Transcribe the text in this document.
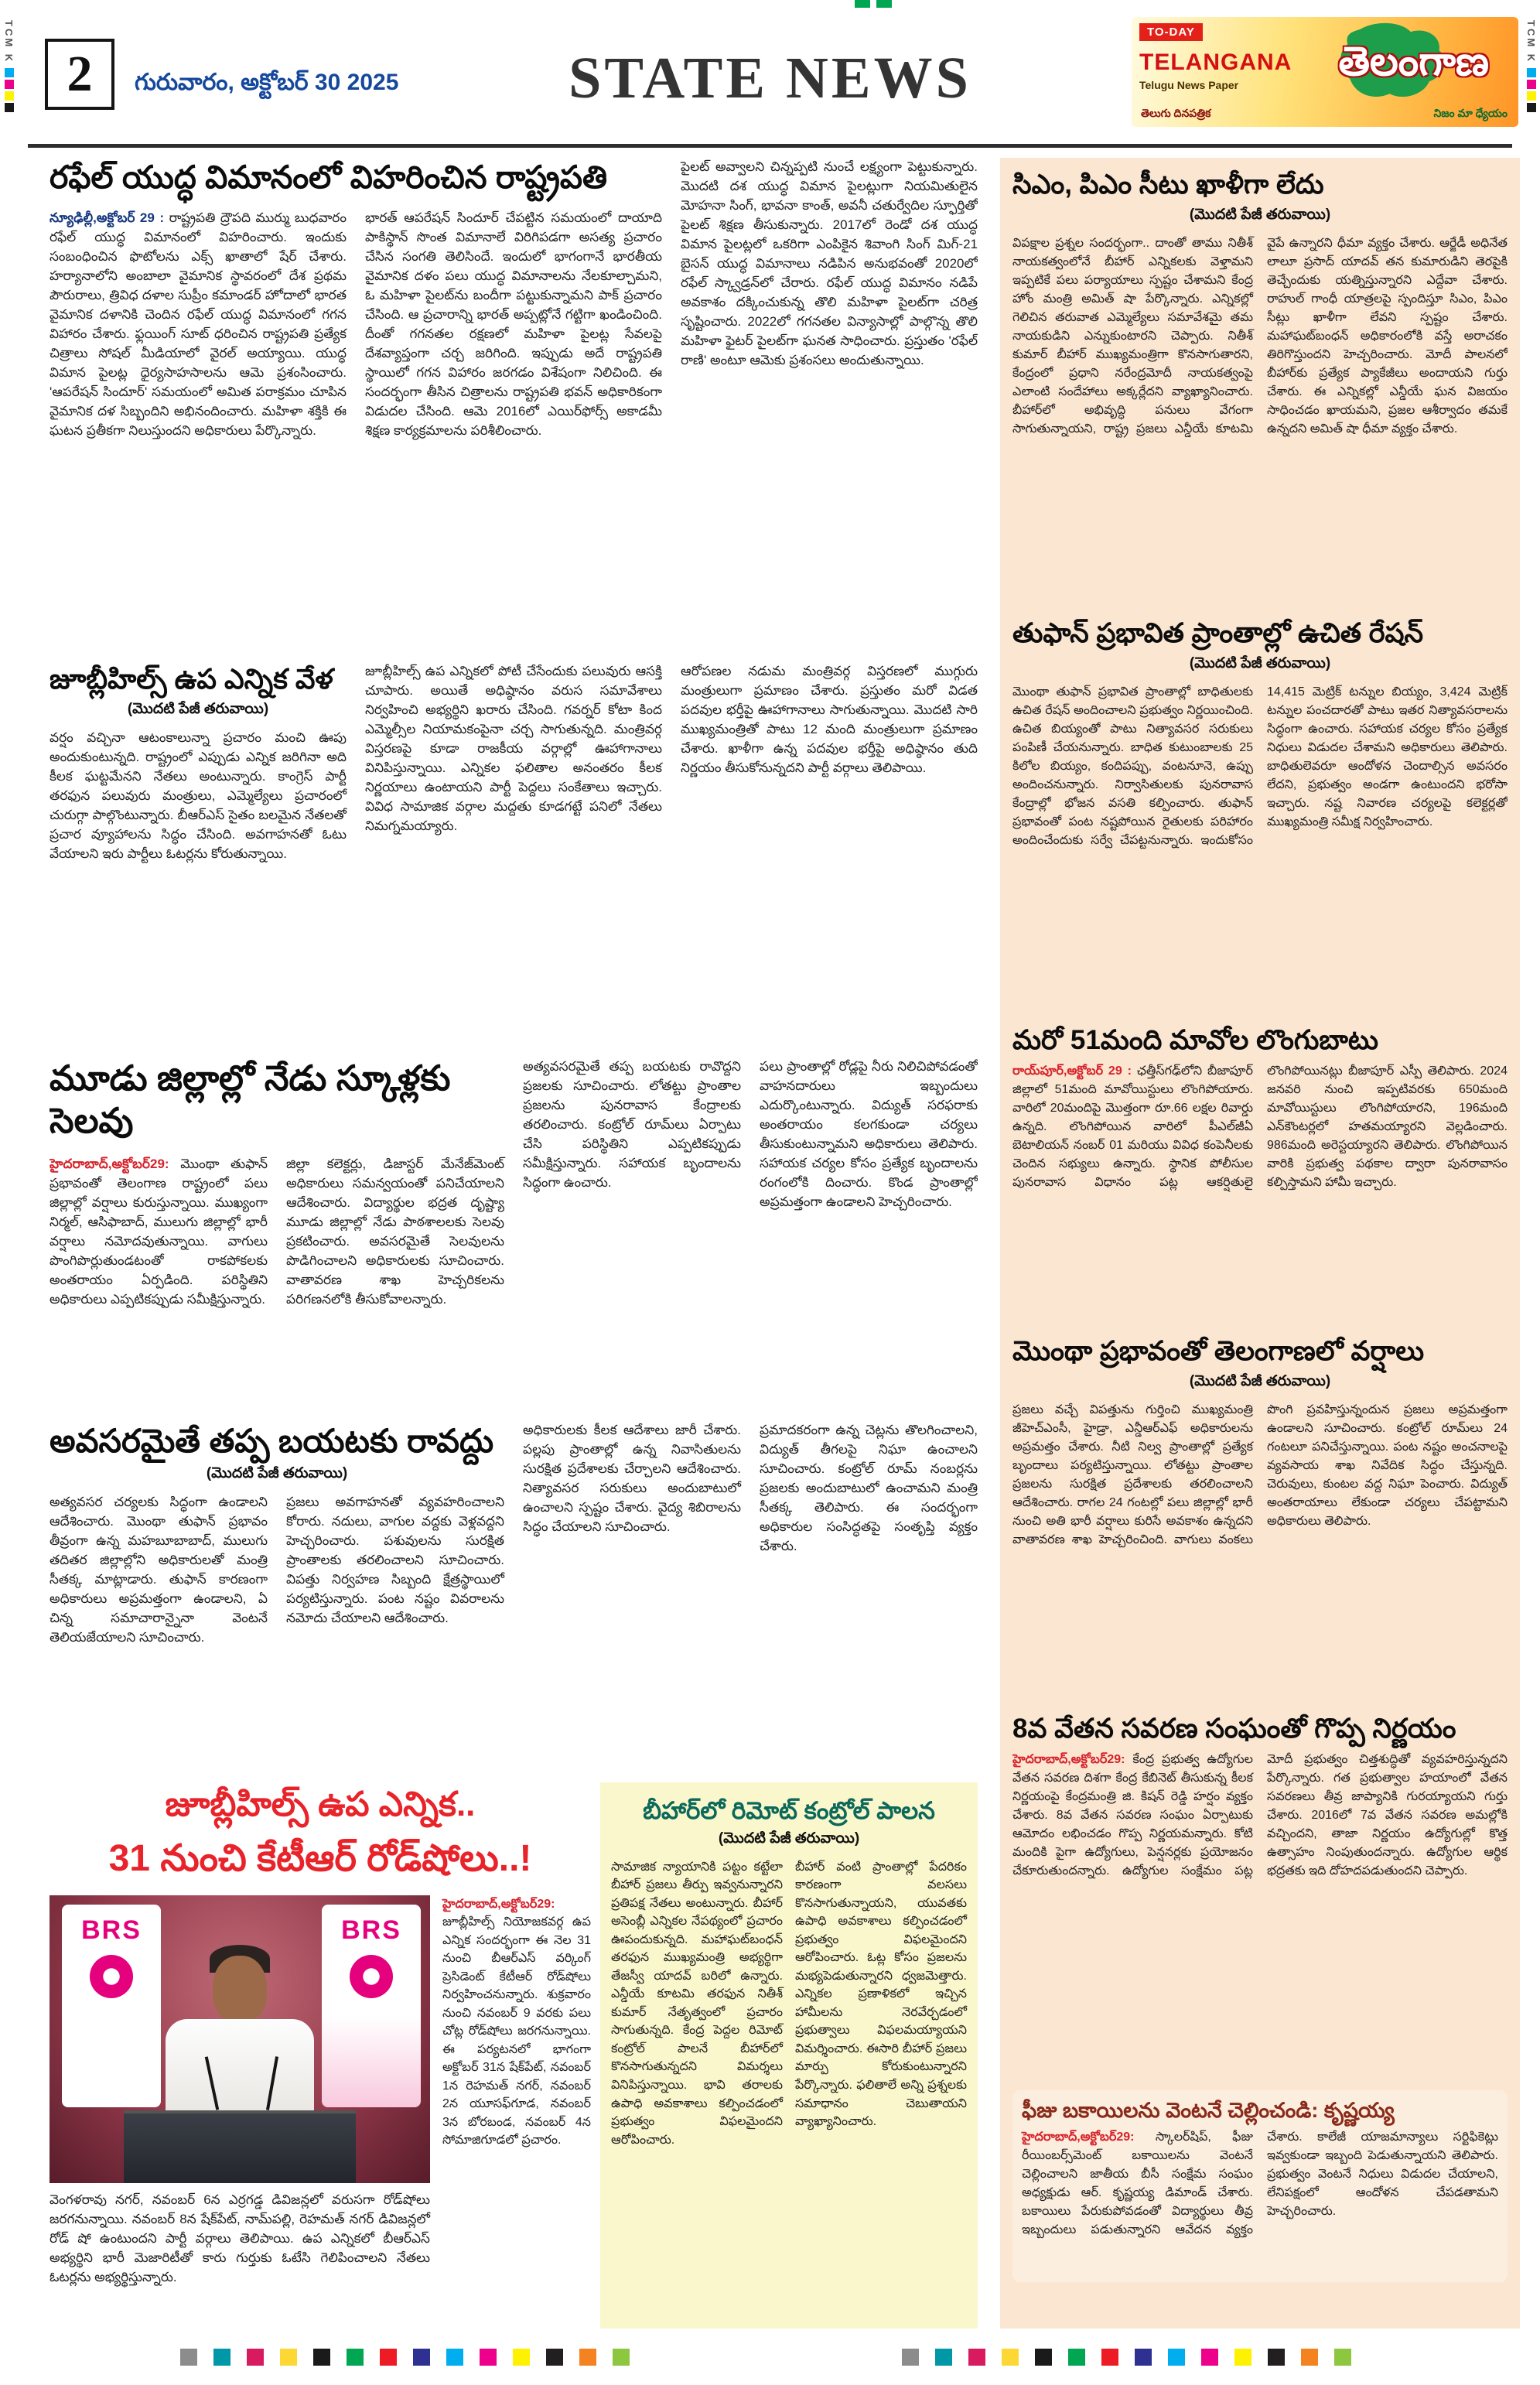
TCM K	TCM K
2	గురువారం, అక్టోబర్ 30 2025	STATE NEWS
TO-DAY
TELANGANA
Telugu News Paper
తెలంగాణ
తెలుగు దినపత్రిక	నిజం మా ధ్యేయం
రఫేల్ యుద్ధ విమానంలో విహరించిన రాష్ట్రపతి
న్యూఢిల్లీ,అక్టోబర్ 29 : రాష్ట్రపతి ద్రౌపది ముర్ము బుధవారం రఫేల్ యుద్ధ విమానంలో విహరించారు. ఇందుకు సంబంధించిన ఫొటోలను ఎక్స్ ఖాతాలో షేర్ చేశారు. హర్యానాలోని అంబాలా వైమానిక స్థావరంలో దేశ ప్రథమ పౌరురాలు, త్రివిధ దళాల సుప్రీం కమాండర్ హోదాలో భారత వైమానిక దళానికి చెందిన రఫేల్ యుద్ధ విమానంలో గగన విహారం చేశారు. ఫ్లయింగ్ సూట్ ధరించిన రాష్ట్రపతి ప్రత్యేక చిత్రాలు సోషల్ మీడియాలో వైరల్ అయ్యాయి. యుద్ధ విమాన పైలట్ల ధైర్యసాహసాలను ఆమె ప్రశంసించారు. 'ఆపరేషన్ సిందూర్' సమయంలో అమిత పరాక్రమం చూపిన వైమానిక దళ సిబ్బందిని అభినందించారు. మహిళా శక్తికి ఈ ఘటన ప్రతీకగా నిలుస్తుందని అధికారులు పేర్కొన్నారు.
భారత్ ఆపరేషన్ సిందూర్ చేపట్టిన సమయంలో దాయాది పాకిస్థాన్ సొంత విమానాలే విరిగిపడగా అసత్య ప్రచారం చేసిన సంగతి తెలిసిందే. ఇందులో భాగంగానే భారతీయ వైమానిక దళం పలు యుద్ధ విమానాలను నేలకూల్చామని, ఓ మహిళా పైలట్‌ను బందీగా పట్టుకున్నామని పాక్ ప్రచారం చేసింది. ఆ ప్రచారాన్ని భారత్ అప్పట్లోనే గట్టిగా ఖండించింది. దీంతో గగనతల రక్షణలో మహిళా పైలట్ల సేవలపై దేశవ్యాప్తంగా చర్చ జరిగింది. ఇప్పుడు అదే రాష్ట్రపతి స్థాయిలో గగన విహారం జరగడం విశేషంగా నిలిచింది. ఈ సందర్భంగా తీసిన చిత్రాలను రాష్ట్రపతి భవన్ అధికారికంగా విడుదల చేసింది. ఆమె 2016లో ఎయిర్‌ఫోర్స్ అకాడమీ శిక్షణ కార్యక్రమాలను పరిశీలించారు.
పైలట్ అవ్వాలని చిన్నప్పటి నుంచే లక్ష్యంగా పెట్టుకున్నారు. మొదటి దశ యుద్ధ విమాన పైలట్లుగా నియమితులైన మోహనా సింగ్, భావనా కాంత్, అవనీ చతుర్వేదిల స్ఫూర్తితో పైలట్ శిక్షణ తీసుకున్నారు. 2017లో రెండో దశ యుద్ధ విమాన పైలట్లలో ఒకరిగా ఎంపికైన శివాంగి సింగ్ మిగ్-21 బైసన్ యుద్ధ విమానాలు నడిపిన అనుభవంతో 2020లో రఫేల్ స్క్వాడ్రన్‌లో చేరారు. రఫేల్ యుద్ధ విమానం నడిపే అవకాశం దక్కించుకున్న తొలి మహిళా పైలట్‌గా చరిత్ర సృష్టించారు. 2022లో గగనతల విన్యాసాల్లో పాల్గొన్న తొలి మహిళా ఫైటర్ పైలట్‌గా ఘనత సాధించారు. ప్రస్తుతం 'రఫేల్ రాణి' అంటూ ఆమెకు ప్రశంసలు అందుతున్నాయి.
జూబ్లీహిల్స్ ఉప ఎన్నిక వేళ
(మొదటి పేజీ తరువాయి)
వర్షం వచ్చినా ఆటంకాలున్నా ప్రచారం మంచి ఊపు అందుకుంటున్నది. రాష్ట్రంలో ఎప్పుడు ఎన్నిక జరిగినా అది కీలక ఘట్టమేనని నేతలు అంటున్నారు. కాంగ్రెస్ పార్టీ తరఫున పలువురు మంత్రులు, ఎమ్మెల్యేలు ప్రచారంలో చురుగ్గా పాల్గొంటున్నారు. బీఆర్ఎస్ సైతం బలమైన నేతలతో ప్రచార వ్యూహాలను సిద్ధం చేసింది. అవగాహనతో ఓటు వేయాలని ఇరు పార్టీలు ఓటర్లను కోరుతున్నాయి.
జూబ్లీహిల్స్ ఉప ఎన్నికలో పోటీ చేసేందుకు పలువురు ఆసక్తి చూపారు. అయితే అధిష్ఠానం వరుస సమావేశాలు నిర్వహించి అభ్యర్థిని ఖరారు చేసింది. గవర్నర్ కోటా కింద ఎమ్మెల్సీల నియామకంపైనా చర్చ సాగుతున్నది. మంత్రివర్గ విస్తరణపై కూడా రాజకీయ వర్గాల్లో ఊహాగానాలు వినిపిస్తున్నాయి. ఎన్నికల ఫలితాల అనంతరం కీలక నిర్ణయాలు ఉంటాయని పార్టీ పెద్దలు సంకేతాలు ఇచ్చారు. వివిధ సామాజిక వర్గాల మద్దతు కూడగట్టే పనిలో నేతలు నిమగ్నమయ్యారు.
ఆరోపణల నడుమ మంత్రివర్గ విస్తరణలో ముగ్గురు మంత్రులుగా ప్రమాణం చేశారు. ప్రస్తుతం మరో విడత పదవుల భర్తీపై ఊహాగానాలు సాగుతున్నాయి. మొదటి సారి ముఖ్యమంత్రితో పాటు 12 మంది మంత్రులుగా ప్రమాణం చేశారు. ఖాళీగా ఉన్న పదవుల భర్తీపై అధిష్ఠానం తుది నిర్ణయం తీసుకోనున్నదని పార్టీ వర్గాలు తెలిపాయి.
మూడు జిల్లాల్లో నేడు స్కూళ్లకు సెలవు
హైదరాబాద్,అక్టోబర్29: మొంథా తుఫాన్ ప్రభావంతో తెలంగాణ రాష్ట్రంలో పలు జిల్లాల్లో వర్షాలు కురుస్తున్నాయి. ముఖ్యంగా నిర్మల్, ఆసిఫాబాద్, ములుగు జిల్లాల్లో భారీ వర్షాలు నమోదవుతున్నాయి. వాగులు పొంగిపొర్లుతుండటంతో రాకపోకలకు అంతరాయం ఏర్పడింది. పరిస్థితిని అధికారులు ఎప్పటికప్పుడు సమీక్షిస్తున్నారు.
జిల్లా కలెక్టర్లు, డిజాస్టర్ మేనేజ్‌మెంట్ అధికారులు సమన్వయంతో పనిచేయాలని ఆదేశించారు. విద్యార్థుల భద్రత దృష్ట్యా మూడు జిల్లాల్లో నేడు పాఠశాలలకు సెలవు ప్రకటించారు. అవసరమైతే సెలవులను పొడిగించాలని అధికారులకు సూచించారు. వాతావరణ శాఖ హెచ్చరికలను పరిగణనలోకి తీసుకోవాలన్నారు.
అత్యవసరమైతే తప్ప బయటకు రావొద్దని ప్రజలకు సూచించారు. లోతట్టు ప్రాంతాల ప్రజలను పునరావాస కేంద్రాలకు తరలించారు. కంట్రోల్ రూమ్‌లు ఏర్పాటు చేసి పరిస్థితిని ఎప్పటికప్పుడు సమీక్షిస్తున్నారు. సహాయక బృందాలను సిద్ధంగా ఉంచారు.
పలు ప్రాంతాల్లో రోడ్లపై నీరు నిలిచిపోవడంతో వాహనదారులు ఇబ్బందులు ఎదుర్కొంటున్నారు. విద్యుత్ సరఫరాకు అంతరాయం కలగకుండా చర్యలు తీసుకుంటున్నామని అధికారులు తెలిపారు. సహాయక చర్యల కోసం ప్రత్యేక బృందాలను రంగంలోకి దించారు. కొండ ప్రాంతాల్లో అప్రమత్తంగా ఉండాలని హెచ్చరించారు.
అవసరమైతే తప్ప బయటకు రావద్దు
(మొదటి పేజీ తరువాయి)
అత్యవసర చర్యలకు సిద్ధంగా ఉండాలని ఆదేశించారు. మొంథా తుఫాన్ ప్రభావం తీవ్రంగా ఉన్న మహబూబాబాద్, ములుగు తదితర జిల్లాల్లోని అధికారులతో మంత్రి సీతక్క మాట్లాడారు. తుఫాన్ కారణంగా అధికారులు అప్రమత్తంగా ఉండాలని, ఏ చిన్న సమాచారాన్నైనా వెంటనే తెలియజేయాలని సూచించారు.
ప్రజలు అవగాహనతో వ్యవహరించాలని కోరారు. నదులు, వాగుల వద్దకు వెళ్లవద్దని హెచ్చరించారు. పశువులను సురక్షిత ప్రాంతాలకు తరలించాలని సూచించారు. విపత్తు నిర్వహణ సిబ్బంది క్షేత్రస్థాయిలో పర్యటిస్తున్నారు. పంట నష్టం వివరాలను నమోదు చేయాలని ఆదేశించారు.
అధికారులకు కీలక ఆదేశాలు జారీ చేశారు. పల్లపు ప్రాంతాల్లో ఉన్న నివాసితులను సురక్షిత ప్రదేశాలకు చేర్చాలని ఆదేశించారు. నిత్యావసర సరుకులు అందుబాటులో ఉంచాలని స్పష్టం చేశారు. వైద్య శిబిరాలను సిద్ధం చేయాలని సూచించారు.
ప్రమాదకరంగా ఉన్న చెట్లను తొలగించాలని, విద్యుత్ తీగలపై నిఘా ఉంచాలని సూచించారు. కంట్రోల్ రూమ్ నంబర్లను ప్రజలకు అందుబాటులో ఉంచామని మంత్రి సీతక్క తెలిపారు. ఈ సందర్భంగా అధికారుల సంసిద్ధతపై సంతృప్తి వ్యక్తం చేశారు.
జూబ్లీహిల్స్ ఉప ఎన్నిక..
31 నుంచి కేటీఆర్ రోడ్‌షోలు..!
BRS	BRS
వెంగళరావు నగర్, నవంబర్ 6న ఎర్రగడ్డ డివిజన్లలో వరుసగా రోడ్‌షోలు జరగనున్నాయి. నవంబర్ 8న షేక్‌పేట్, నామ్‌పల్లి, రెహమత్ నగర్ డివిజన్లలో రోడ్ షో ఉంటుందని పార్టీ వర్గాలు తెలిపాయి. ఉప ఎన్నికలో బీఆర్ఎస్ అభ్యర్థిని భారీ మెజారిటీతో కారు గుర్తుకు ఓటేసి గెలిపించాలని నేతలు ఓటర్లను అభ్యర్థిస్తున్నారు.
హైదరాబాద్,అక్టోబర్29: జూబ్లీహిల్స్ నియోజకవర్గ ఉప ఎన్నిక సందర్భంగా ఈ నెల 31 నుంచి బీఆర్ఎస్ వర్కింగ్ ప్రెసిడెంట్ కేటీఆర్ రోడ్‌షోలు నిర్వహించనున్నారు. శుక్రవారం నుంచి నవంబర్ 9 వరకు పలు చోట్ల రోడ్‌షోలు జరగనున్నాయి. ఈ పర్యటనలో భాగంగా అక్టోబర్ 31న షేక్‌పేట్, నవంబర్ 1న రెహమత్ నగర్, నవంబర్ 2న యూసఫ్‌గూడ, నవంబర్ 3న బోరబండ, నవంబర్ 4న సోమాజిగూడలో ప్రచారం.
బీహార్‌లో రిమోట్ కంట్రోల్ పాలన
(మొదటి పేజీ తరువాయి)
సామాజిక న్యాయానికి పట్టం కట్టేలా బీహార్ ప్రజలు తీర్పు ఇవ్వనున్నారని ప్రతిపక్ష నేతలు అంటున్నారు. బీహార్ అసెంబ్లీ ఎన్నికల నేపథ్యంలో ప్రచారం ఊపందుకున్నది. మహాఘట్‌బంధన్ తరఫున ముఖ్యమంత్రి అభ్యర్థిగా తేజస్వీ యాదవ్ బరిలో ఉన్నారు. ఎన్డీయే కూటమి తరఫున నితీశ్ కుమార్ నేతృత్వంలో ప్రచారం సాగుతున్నది. కేంద్ర పెద్దల రిమోట్ కంట్రోల్ పాలనే బీహార్‌లో కొనసాగుతున్నదని విమర్శలు వినిపిస్తున్నాయి. భావి తరాలకు ఉపాధి అవకాశాలు కల్పించడంలో ప్రభుత్వం విఫలమైందని ఆరోపించారు.
బీహార్ వంటి ప్రాంతాల్లో పేదరికం కారణంగా వలసలు కొనసాగుతున్నాయని, యువతకు ఉపాధి అవకాశాలు కల్పించడంలో ప్రభుత్వం విఫలమైందని ఆరోపించారు. ఓట్ల కోసం ప్రజలను మభ్యపెడుతున్నారని ధ్వజమెత్తారు. ఎన్నికల ప్రణాళికలో ఇచ్చిన హామీలను నెరవేర్చడంలో ప్రభుత్వాలు విఫలమయ్యాయని విమర్శించారు. ఈసారి బీహార్ ప్రజలు మార్పు కోరుకుంటున్నారని పేర్కొన్నారు. ఫలితాలే అన్ని ప్రశ్నలకు సమాధానం చెబుతాయని వ్యాఖ్యానించారు.
సిఎం, పిఎం సీటు ఖాళీగా లేదు
(మొదటి పేజీ తరువాయి)
విపక్షాల ప్రశ్నల సందర్భంగా.. దాంతో తాము నితీశ్ నాయకత్వంలోనే బీహార్ ఎన్నికలకు వెళ్తామని ఇప్పటికే పలు పర్యాయాలు స్పష్టం చేశామని కేంద్ర హోం మంత్రి అమిత్ షా పేర్కొన్నారు. ఎన్నికల్లో గెలిచిన తరువాత ఎమ్మెల్యేలు సమావేశమై తమ నాయకుడిని ఎన్నుకుంటారని చెప్పారు. నితీశ్ కుమార్ బీహార్ ముఖ్యమంత్రిగా కొనసాగుతారని, కేంద్రంలో ప్రధాని నరేంద్రమోదీ నాయకత్వంపై ఎలాంటి సందేహాలు అక్కర్లేదని వ్యాఖ్యానించారు. బీహార్‌లో అభివృద్ధి పనులు వేగంగా సాగుతున్నాయని, రాష్ట్ర ప్రజలు ఎన్డీయే కూటమి వైపే ఉన్నారని ధీమా వ్యక్తం చేశారు. ఆర్జేడీ అధినేత లాలూ ప్రసాద్ యాదవ్ తన కుమారుడిని తెరపైకి తెచ్చేందుకు యత్నిస్తున్నారని ఎద్దేవా చేశారు. రాహుల్ గాంధీ యాత్రలపై స్పందిస్తూ సిఎం, పిఎం సీట్లు ఖాళీగా లేవని స్పష్టం చేశారు. మహాఘట్‌బంధన్ అధికారంలోకి వస్తే అరాచకం తిరిగొస్తుందని హెచ్చరించారు. మోదీ పాలనలో బీహార్‌కు ప్రత్యేక ప్యాకేజీలు అందాయని గుర్తు చేశారు. ఈ ఎన్నికల్లో ఎన్డీయే ఘన విజయం సాధించడం ఖాయమని, ప్రజల ఆశీర్వాదం తమకే ఉన్నదని అమిత్ షా ధీమా వ్యక్తం చేశారు.
తుఫాన్ ప్రభావిత ప్రాంతాల్లో ఉచిత రేషన్
(మొదటి పేజీ తరువాయి)
మొంథా తుఫాన్ ప్రభావిత ప్రాంతాల్లో బాధితులకు ఉచిత రేషన్ అందించాలని ప్రభుత్వం నిర్ణయించింది. ఉచిత బియ్యంతో పాటు నిత్యావసర సరుకులు పంపిణీ చేయనున్నారు. బాధిత కుటుంబాలకు 25 కిలోల బియ్యం, కందిపప్పు, వంటనూనె, ఉప్పు అందించనున్నారు. నిర్వాసితులకు పునరావాస కేంద్రాల్లో భోజన వసతి కల్పించారు. తుఫాన్ ప్రభావంతో పంట నష్టపోయిన రైతులకు పరిహారం అందించేందుకు సర్వే చేపట్టనున్నారు. ఇందుకోసం 14,415 మెట్రిక్ టన్నుల బియ్యం, 3,424 మెట్రిక్ టన్నుల పంచదారతో పాటు ఇతర నిత్యావసరాలను సిద్ధంగా ఉంచారు. సహాయక చర్యల కోసం ప్రత్యేక నిధులు విడుదల చేశామని అధికారులు తెలిపారు. బాధితులెవరూ ఆందోళన చెందాల్సిన అవసరం లేదని, ప్రభుత్వం అండగా ఉంటుందని భరోసా ఇచ్చారు. నష్ట నివారణ చర్యలపై కలెక్టర్లతో ముఖ్యమంత్రి సమీక్ష నిర్వహించారు.
మరో 51మంది మావోల లొంగుబాటు
రాయ్‌పూర్,అక్టోబర్ 29 : ఛత్తీస్‌గఢ్‌లోని బీజాపూర్ జిల్లాలో 51మంది మావోయిస్టులు లొంగిపోయారు. వారిలో 20మందిపై మొత్తంగా రూ.66 లక్షల రివార్డు ఉన్నది. లొంగిపోయిన వారిలో పీఎల్‌జీఏ బెటాలియన్ నంబర్ 01 మరియు వివిధ కంపెనీలకు చెందిన సభ్యులు ఉన్నారు. స్థానిక పోలీసుల పునరావాస విధానం పట్ల ఆకర్షితులై లొంగిపోయినట్లు బీజాపూర్ ఎస్పీ తెలిపారు. 2024 జనవరి నుంచి ఇప్పటివరకు 650మంది మావోయిస్టులు లొంగిపోయారని, 196మంది ఎన్‌కౌంటర్లలో హతమయ్యారని వెల్లడించారు. 986మంది అరెస్టయ్యారని తెలిపారు. లొంగిపోయిన వారికి ప్రభుత్వ పథకాల ద్వారా పునరావాసం కల్పిస్తామని హామీ ఇచ్చారు.
మొంథా ప్రభావంతో తెలంగాణలో వర్షాలు
(మొదటి పేజీ తరువాయి)
ప్రజలు వచ్చే విపత్తును గుర్తించి ముఖ్యమంత్రి జీహెచ్ఎంసీ, హైడ్రా, ఎన్డీఆర్ఎఫ్ అధికారులను అప్రమత్తం చేశారు. నీటి నిల్వ ప్రాంతాల్లో ప్రత్యేక బృందాలు పర్యటిస్తున్నాయి. లోతట్టు ప్రాంతాల ప్రజలను సురక్షిత ప్రదేశాలకు తరలించాలని ఆదేశించారు. రాగల 24 గంటల్లో పలు జిల్లాల్లో భారీ నుంచి అతి భారీ వర్షాలు కురిసే అవకాశం ఉన్నదని వాతావరణ శాఖ హెచ్చరించింది. వాగులు వంకలు పొంగి ప్రవహిస్తున్నందున ప్రజలు అప్రమత్తంగా ఉండాలని సూచించారు. కంట్రోల్ రూమ్‌లు 24 గంటలూ పనిచేస్తున్నాయి. పంట నష్టం అంచనాలపై వ్యవసాయ శాఖ నివేదిక సిద్ధం చేస్తున్నది. చెరువులు, కుంటల వద్ద నిఘా పెంచారు. విద్యుత్ అంతరాయాలు లేకుండా చర్యలు చేపట్టామని అధికారులు తెలిపారు.
8వ వేతన సవరణ సంఘంతో గొప్ప నిర్ణయం
హైదరాబాద్,అక్టోబర్29: కేంద్ర ప్రభుత్వ ఉద్యోగుల వేతన సవరణ దిశగా కేంద్ర కేబినెట్ తీసుకున్న కీలక నిర్ణయంపై కేంద్రమంత్రి జి. కిషన్ రెడ్డి హర్షం వ్యక్తం చేశారు. 8వ వేతన సవరణ సంఘం ఏర్పాటుకు ఆమోదం లభించడం గొప్ప నిర్ణయమన్నారు. కోటి మందికి పైగా ఉద్యోగులు, పెన్షనర్లకు ప్రయోజనం చేకూరుతుందన్నారు. ఉద్యోగుల సంక్షేమం పట్ల మోదీ ప్రభుత్వం చిత్తశుద్ధితో వ్యవహరిస్తున్నదని పేర్కొన్నారు. గత ప్రభుత్వాల హయాంలో వేతన సవరణలు తీవ్ర జాప్యానికి గురయ్యాయని గుర్తు చేశారు. 2016లో 7వ వేతన సవరణ అమల్లోకి వచ్చిందని, తాజా నిర్ణయం ఉద్యోగుల్లో కొత్త ఉత్సాహం నింపుతుందన్నారు. ఉద్యోగుల ఆర్థిక భద్రతకు ఇది దోహదపడుతుందని చెప్పారు.
ఫీజు బకాయిలను వెంటనే చెల్లించండి: కృష్ణయ్య
హైదరాబాద్,అక్టోబర్29: స్కాలర్‌షిప్, ఫీజు రీయింబర్స్‌మెంట్ బకాయిలను వెంటనే చెల్లించాలని జాతీయ బీసీ సంక్షేమ సంఘం అధ్యక్షుడు ఆర్. కృష్ణయ్య డిమాండ్ చేశారు. బకాయిలు పేరుకుపోవడంతో విద్యార్థులు తీవ్ర ఇబ్బందులు పడుతున్నారని ఆవేదన వ్యక్తం చేశారు. కాలేజీ యాజమాన్యాలు సర్టిఫికెట్లు ఇవ్వకుండా ఇబ్బంది పెడుతున్నాయని తెలిపారు. ప్రభుత్వం వెంటనే నిధులు విడుదల చేయాలని, లేనిపక్షంలో ఆందోళన చేపడతామని హెచ్చరించారు.
